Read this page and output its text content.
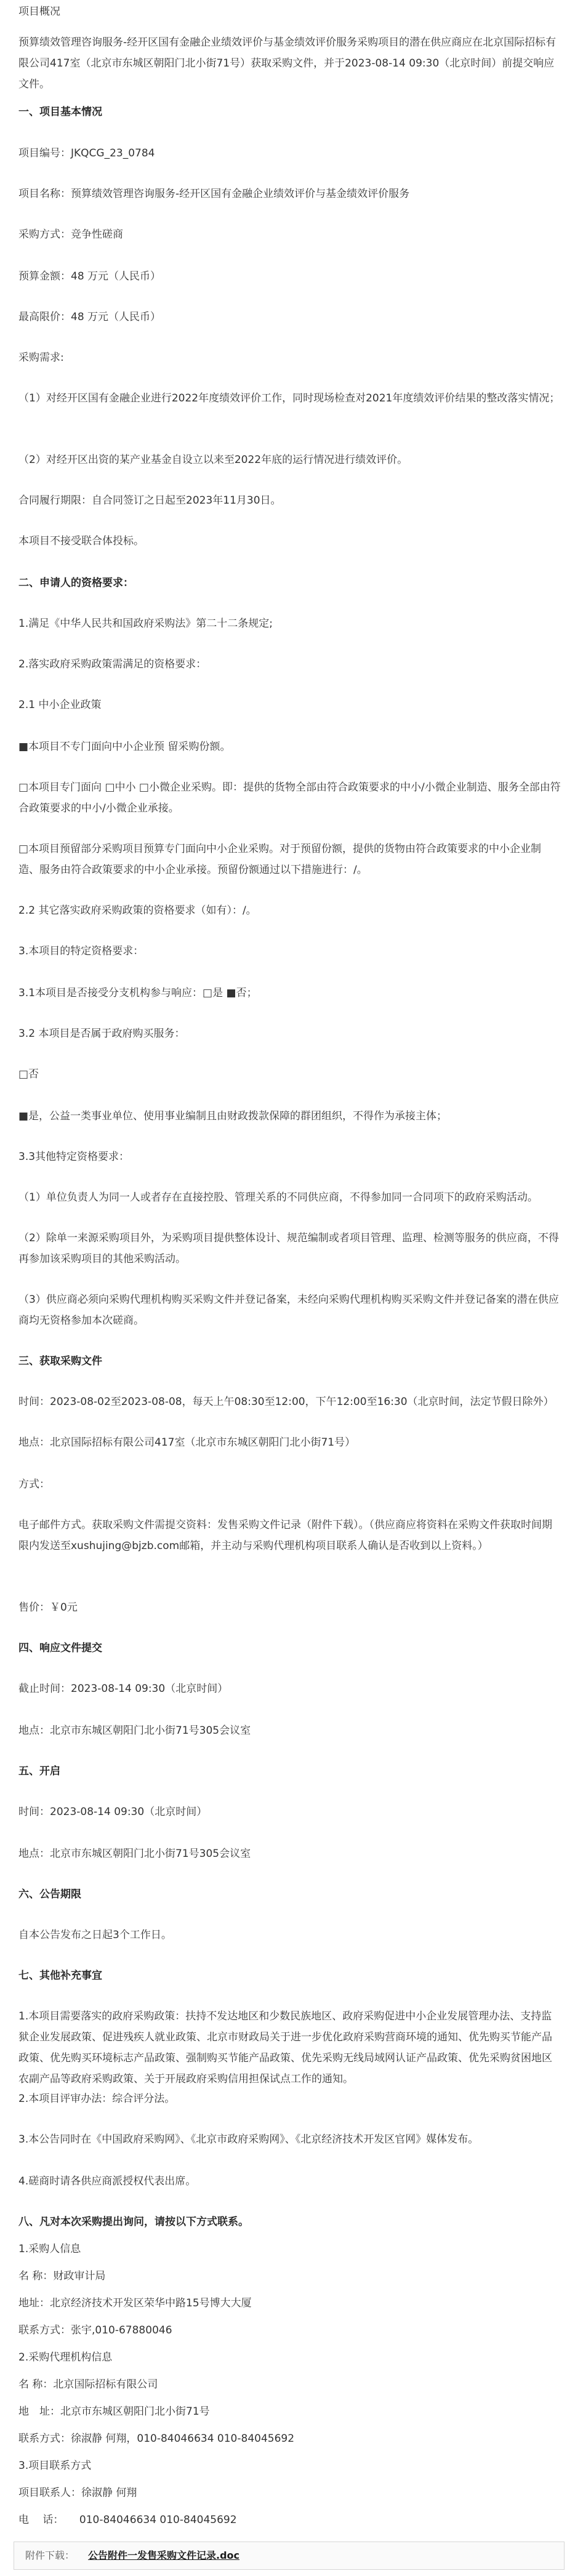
项目概况

预算绩效管理咨询服务-经开区国有金融企业绩效评价与基金绩效评价服务采购项目的潜在供应商应在北京国际招标有限公司417室（北京市东城区朝阳门北小街71号）获取采购文件，并于2023-08-14 09:30（北京时间）前提交响应文件。

一、项目基本情况

项目编号：JKQCG_23_0784

项目名称：预算绩效管理咨询服务-经开区国有金融企业绩效评价与基金绩效评价服务

采购方式：竞争性磋商

预算金额：48 万元（人民币）

最高限价：48 万元（人民币）

采购需求:

（1）对经开区国有金融企业进行2022年度绩效评价工作，同时现场检查对2021年度绩效评价结果的整改落实情况；

（2）对经开区出资的某产业基金自设立以来至2022年底的运行情况进行绩效评价。

合同履行期限：自合同签订之日起至2023年11月30日。

本项目不接受联合体投标。

二、申请人的资格要求：

1.满足《中华人民共和国政府采购法》第二十二条规定;

2.落实政府采购政策需满足的资格要求：

2.1 中小企业政策

■本项目不专门面向中小企业预 留采购份额。

□本项目专门面向 □中小 □小微企业采购。即：提供的货物全部由符合政策要求的中小/小微企业制造、服务全部由符合政策要求的中小/小微企业承接。

□本项目预留部分采购项目预算专门面向中小企业采购。对于预留份额，提供的货物由符合政策要求的中小企业制造、服务由符合政策要求的中小企业承接。预留份额通过以下措施进行：/。

2.2 其它落实政府采购政策的资格要求（如有）：/。

3.本项目的特定资格要求：

3.1本项目是否接受分支机构参与响应：□是 ■否；

3.2 本项目是否属于政府购买服务：

□否

■是，公益一类事业单位、使用事业编制且由财政拨款保障的群团组织，不得作为承接主体；

3.3其他特定资格要求：

（1）单位负责人为同一人或者存在直接控股、管理关系的不同供应商，不得参加同一合同项下的政府采购活动。

（2）除单一来源采购项目外，为采购项目提供整体设计、规范编制或者项目管理、监理、检测等服务的供应商，不得再参加该采购项目的其他采购活动。

（3）供应商必须向采购代理机构购买采购文件并登记备案，未经向采购代理机构购买采购文件并登记备案的潜在供应商均无资格参加本次磋商。

三、获取采购文件

时间：2023-08-02至2023-08-08，每天上午08:30至12:00，下午12:00至16:30（北京时间，法定节假日除外）

地点：北京国际招标有限公司417室（北京市东城区朝阳门北小街71号）

方式：

电子邮件方式。获取采购文件需提交资料：发售采购文件记录（附件下载）。（供应商应将资料在采购文件获取时间期限内发送至xushujing@bjzb.com邮箱，并主动与采购代理机构项目联系人确认是否收到以上资料。）

售价：￥0元

四、响应文件提交

截止时间：2023-08-14 09:30（北京时间）

地点：北京市东城区朝阳门北小街71号305会议室

五、开启

时间：2023-08-14 09:30（北京时间）

地点：北京市东城区朝阳门北小街71号305会议室

六、公告期限

自本公告发布之日起3个工作日。

七、其他补充事宜

1.本项目需要落实的政府采购政策：扶持不发达地区和少数民族地区、政府采购促进中小企业发展管理办法、支持监狱企业发展政策、促进残疾人就业政策、北京市财政局关于进一步优化政府采购营商环境的通知、优先购买节能产品政策、优先购买环境标志产品政策、强制购买节能产品政策、优先采购无线局域网认证产品政策、优先采购贫困地区农副产品等政府采购政策、关于开展政府采购信用担保试点工作的通知。

2.本项目评审办法：综合评分法。

3.本公告同时在《中国政府采购网》、《北京市政府采购网》、《北京经济技术开发区官网》媒体发布。

4.磋商时请各供应商派授权代表出席。

八、凡对本次采购提出询问，请按以下方式联系。

1.采购人信息

名 称：财政审计局

地址：北京经济技术开发区荣华中路15号博大大厦

联系方式：张宇,010-67880046

2.采购代理机构信息

名 称：北京国际招标有限公司

地　址：北京市东城区朝阳门北小街71号

联系方式：徐淑静 何翔，010-84046634 010-84045692

3.项目联系方式

项目联系人：徐淑静 何翔

电　 话：　　010-84046634 010-84045692

附件下载： 公告附件一发售采购文件记录.doc
